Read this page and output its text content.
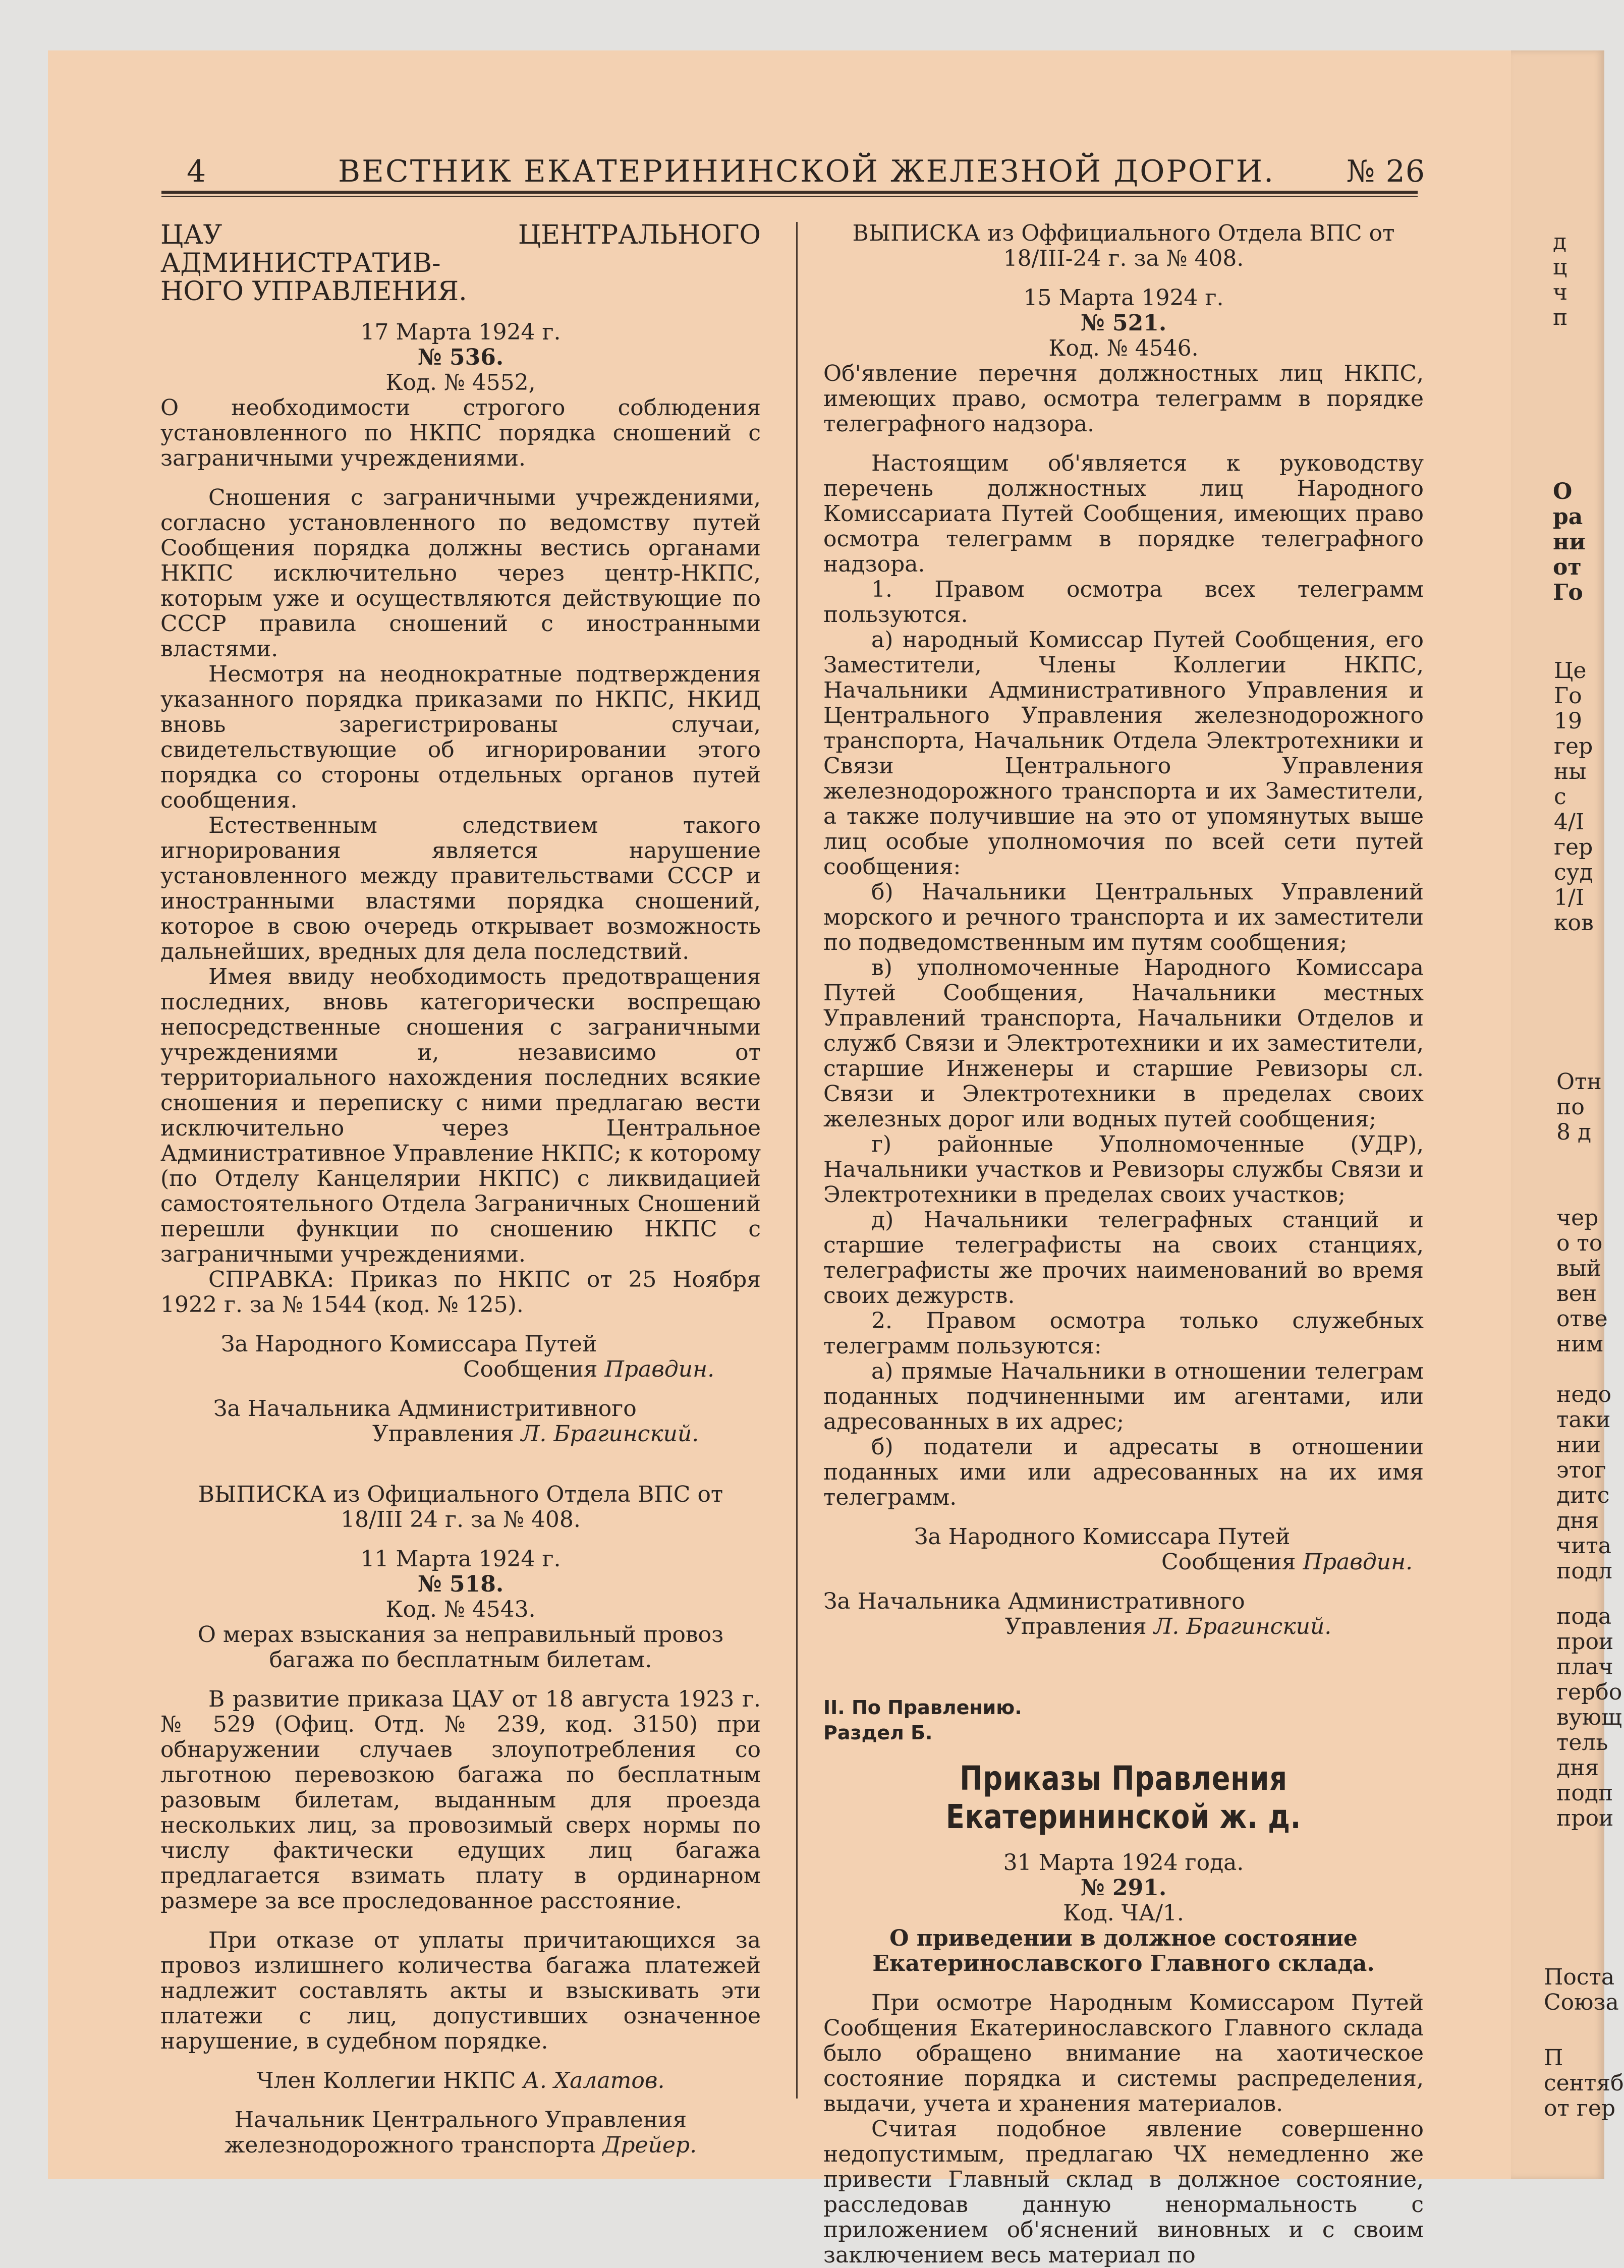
4	ВЕСТНИК ЕКАТЕРИНИНСКОЙ ЖЕЛЕЗНОЙ ДОРОГИ. № 26

ЦАУ ЦЕНТРАЛЬНОГО АДМИНИСТРАТИВ-

НОГО УПРАВЛЕНИЯ.

17 Марта 1924 г.

№ 536.

Код. № 4552,

О необходимости строгого соблюдения установленного по НКПС порядка сношений с заграничными учреждениями.

Сношения с заграничными учреждениями, согласно установленного по ведомству путей Сообщения порядка должны вестись органами НКПС исключительно через центр-НКПС, которым уже и осуществляются действующие по СССР правила сношений с иностранными властями.

Несмотря на неоднократные подтверждения указанного порядка приказами по НКПС, НКИД вновь зарегистрированы случаи, свидетельствующие об игнорировании этого порядка со стороны отдельных органов путей сообщения.

Естественным следствием такого игнорирования является нарушение установленного между правительствами СССР и иностранными властями порядка сношений, которое в свою очередь открывает возможность дальнейших, вредных для дела последствий.

Имея ввиду необходимость предотвращения последних, вновь категорически воспрещаю непосредственные сношения с заграничными учреждениями и, независимо от территориального нахождения последних всякие сношения и переписку с ними предлагаю вести исключительно через Центральное Административное Управление НКПС; к которому (по Отделу Канцелярии НКПС) с ликвидацией самостоятельного Отдела Заграничных Сношений перешли функции по сношению НКПС с заграничными учреждениями.

СПРАВКА: Приказ по НКПС от 25 Ноября 1922 г. за № 1544 (код. № 125).

За Народного Комиссара Путей

Сообщения Правдин.

За Начальника Администритивного

Управления Л. Брагинский.

ВЫПИСКА из Официального Отдела ВПС от

18/III 24 г. за № 408.

11 Марта 1924 г.

№ 518.

Код. № 4543.

О мерах взыскания за неправильный провоз багажа по бесплатным билетам.

В развитие приказа ЦАУ от 18 августа 1923 г. № 529 (Офиц. Отд. № 239, код. 3150) при обнаружении случаев злоупотребления со льготною перевозкою багажа по бесплатным разовым билетам, выданным для проезда нескольких лиц, за провозимый сверх нормы по числу фактически едущих лиц багажа предлагается взимать плату в ординарном размере за все проследованное расстояние.

При отказе от уплаты причитающихся за провоз излишнего количества багажа платежей надлежит составлять акты и взыскивать эти платежи с лиц, допустивших означенное нарушение, в судебном порядке.

Член Коллегии НКПС А. Халатов.

Начальник Центрального Управления

железнодорожного транспорта Дрейер.

ВЫПИСКА из Оффициального Отдела ВПС от

18/III-24 г. за № 408.

15 Марта 1924 г.

№ 521.

Код. № 4546.

Об'явление перечня должностных лиц НКПС, имеющих право, осмотра телеграмм в порядке телеграфного надзора.

Настоящим об'является к руководству перечень должностных лиц Народного Комиссариата Путей Сообщения, имеющих право осмотра телеграмм в порядке телеграфного надзора.

1. Правом осмотра всех телеграмм пользуются.

а) народный Комиссар Путей Сообщения, его Заместители, Члены Коллегии НКПС, Начальники Административного Управления и Центрального Управления железнодорожного транспорта, Начальник Отдела Электротехники и Связи Центрального Управления железнодорожного транспорта и их Заместители, а также получившие на это от упомянутых выше лиц особые уполномочия по всей сети путей сообщения:

б) Начальники Центральных Управлений морского и речного транспорта и их заместители по подведомственным им путям сообщения;

в) уполномоченные Народного Комиссара Путей Сообщения, Начальники местных Управлений транспорта, Начальники Отделов и служб Связи и Электротехники и их заместители, старшие Инженеры и старшие Ревизоры сл. Связи и Электротехники в пределах своих железных дорог или водных путей сообщения;

г) районные Уполномоченные (УДР), Начальники участков и Ревизоры службы Связи и Электротехники в пределах своих участков;

д) Начальники телеграфных станций и старшие телеграфисты на своих станциях, телеграфисты же прочих наименований во время своих дежурств.

2. Правом осмотра только служебных телеграмм пользуются:

а) прямые Начальники в отношении телеграм поданных подчиненными им агентами, или адресованных в их адрес;

б) податели и адресаты в отношении поданных ими или адресованных на их имя телеграмм.

За Народного Комиссара Путей

Сообщения Правдин.

За Начальника Административного

Управления Л. Брагинский.

II. По Правлению.

Раздел Б.

Приказы Правления Екатерининской ж. д.

31 Марта 1924 года.

№ 291.

Код. ЧА/1.

О приведении в должное состояние Екатеринославского Главного склада.

При осмотре Народным Комиссаром Путей Сообщения Екатеринославского Главного склада было обращено внимание на хаотическое состояние порядка и системы распределения, выдачи, учета и хранения материалов.

Считая подобное явление совершенно недопустимым, предлагаю ЧХ немедленно же привести Главный склад в должное состояние, расследовав данную ненормальность с приложением об'яснений виновных и с своим заключением весь материал по

д
ц
ч
п
О
ра
ни
от
Го
Це
Го
19
гер
ны
с
4/I
гер
суд
1/I
ков
Отн
по
8 д
чер
о то
вый
вен
отве
ним
недо
таки
нии
этог
дитс
дня
чита
подл
пода
прои
плач
гербо
вующ
тель
дня
подп
прои
Поста
Союза
П
сентяб
от гер
